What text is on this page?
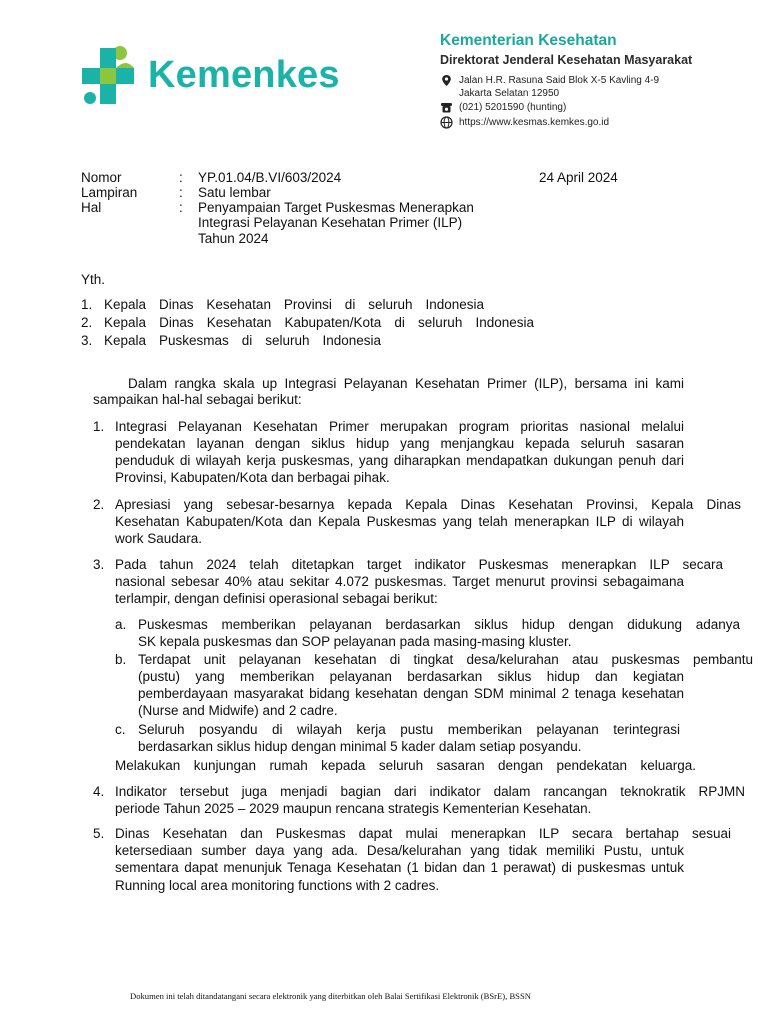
Kemenkes
Kementerian Kesehatan
Direktorat Jenderal Kesehatan Masyarakat
Jalan H.R. Rasuna Said Blok X-5 Kavling 4-9
Jakarta Selatan 12950
(021) 5201590 (hunting)
https://www.kesmas.kemkes.go.id
Nomor	: YP.01.04/B.VI/603/2024
Lampiran	: Satu lembar
Hal	: Penyampaian Target Puskesmas Menerapkan
Integrasi Pelayanan Kesehatan Primer (ILP)
Tahun 2024
24 April 2024
Yth.
1. Kepala Dinas Kesehatan Provinsi di seluruh Indonesia
2. Kepala Dinas Kesehatan Kabupaten/Kota di seluruh Indonesia
3. Kepala Puskesmas di seluruh Indonesia
Dalam rangka skala up Integrasi Pelayanan Kesehatan Primer (ILP), bersama ini kami
sampaikan hal-hal sebagai berikut:
1. Integrasi Pelayanan Kesehatan Primer merupakan program prioritas nasional melalui
pendekatan layanan dengan siklus hidup yang menjangkau kepada seluruh sasaran
penduduk di wilayah kerja puskesmas, yang diharapkan mendapatkan dukungan penuh dari
Provinsi, Kabupaten/Kota dan berbagai pihak.
2. Apresiasi yang sebesar-besarnya kepada Kepala Dinas Kesehatan Provinsi, Kepala Dinas
Kesehatan Kabupaten/Kota dan Kepala Puskesmas yang telah menerapkan ILP di wilayah
work Saudara.
3. Pada tahun 2024 telah ditetapkan target indikator Puskesmas menerapkan ILP secara
nasional sebesar 40% atau sekitar 4.072 puskesmas. Target menurut provinsi sebagaimana
terlampir, dengan definisi operasional sebagai berikut:
a. Puskesmas memberikan pelayanan berdasarkan siklus hidup dengan didukung adanya
SK kepala puskesmas dan SOP pelayanan pada masing-masing kluster.
b. Terdapat unit pelayanan kesehatan di tingkat desa/kelurahan atau puskesmas pembantu
(pustu) yang memberikan pelayanan berdasarkan siklus hidup dan kegiatan
pemberdayaan masyarakat bidang kesehatan dengan SDM minimal 2 tenaga kesehatan
(Nurse and Midwife) and 2 cadre.
c. Seluruh posyandu di wilayah kerja pustu memberikan pelayanan terintegrasi
berdasarkan siklus hidup dengan minimal 5 kader dalam setiap posyandu.
Melakukan kunjungan rumah kepada seluruh sasaran dengan pendekatan keluarga.
4. Indikator tersebut juga menjadi bagian dari indikator dalam rancangan teknokratik RPJMN
periode Tahun 2025 – 2029 maupun rencana strategis Kementerian Kesehatan.
5. Dinas Kesehatan dan Puskesmas dapat mulai menerapkan ILP secara bertahap sesuai
ketersediaan sumber daya yang ada. Desa/kelurahan yang tidak memiliki Pustu, untuk
sementara dapat menunjuk Tenaga Kesehatan (1 bidan dan 1 perawat) di puskesmas untuk
Running local area monitoring functions with 2 cadres.
Dokumen ini telah ditandatangani secara elektronik yang diterbitkan oleh Balai Sertifikasi Elektronik (BSrE), BSSN
